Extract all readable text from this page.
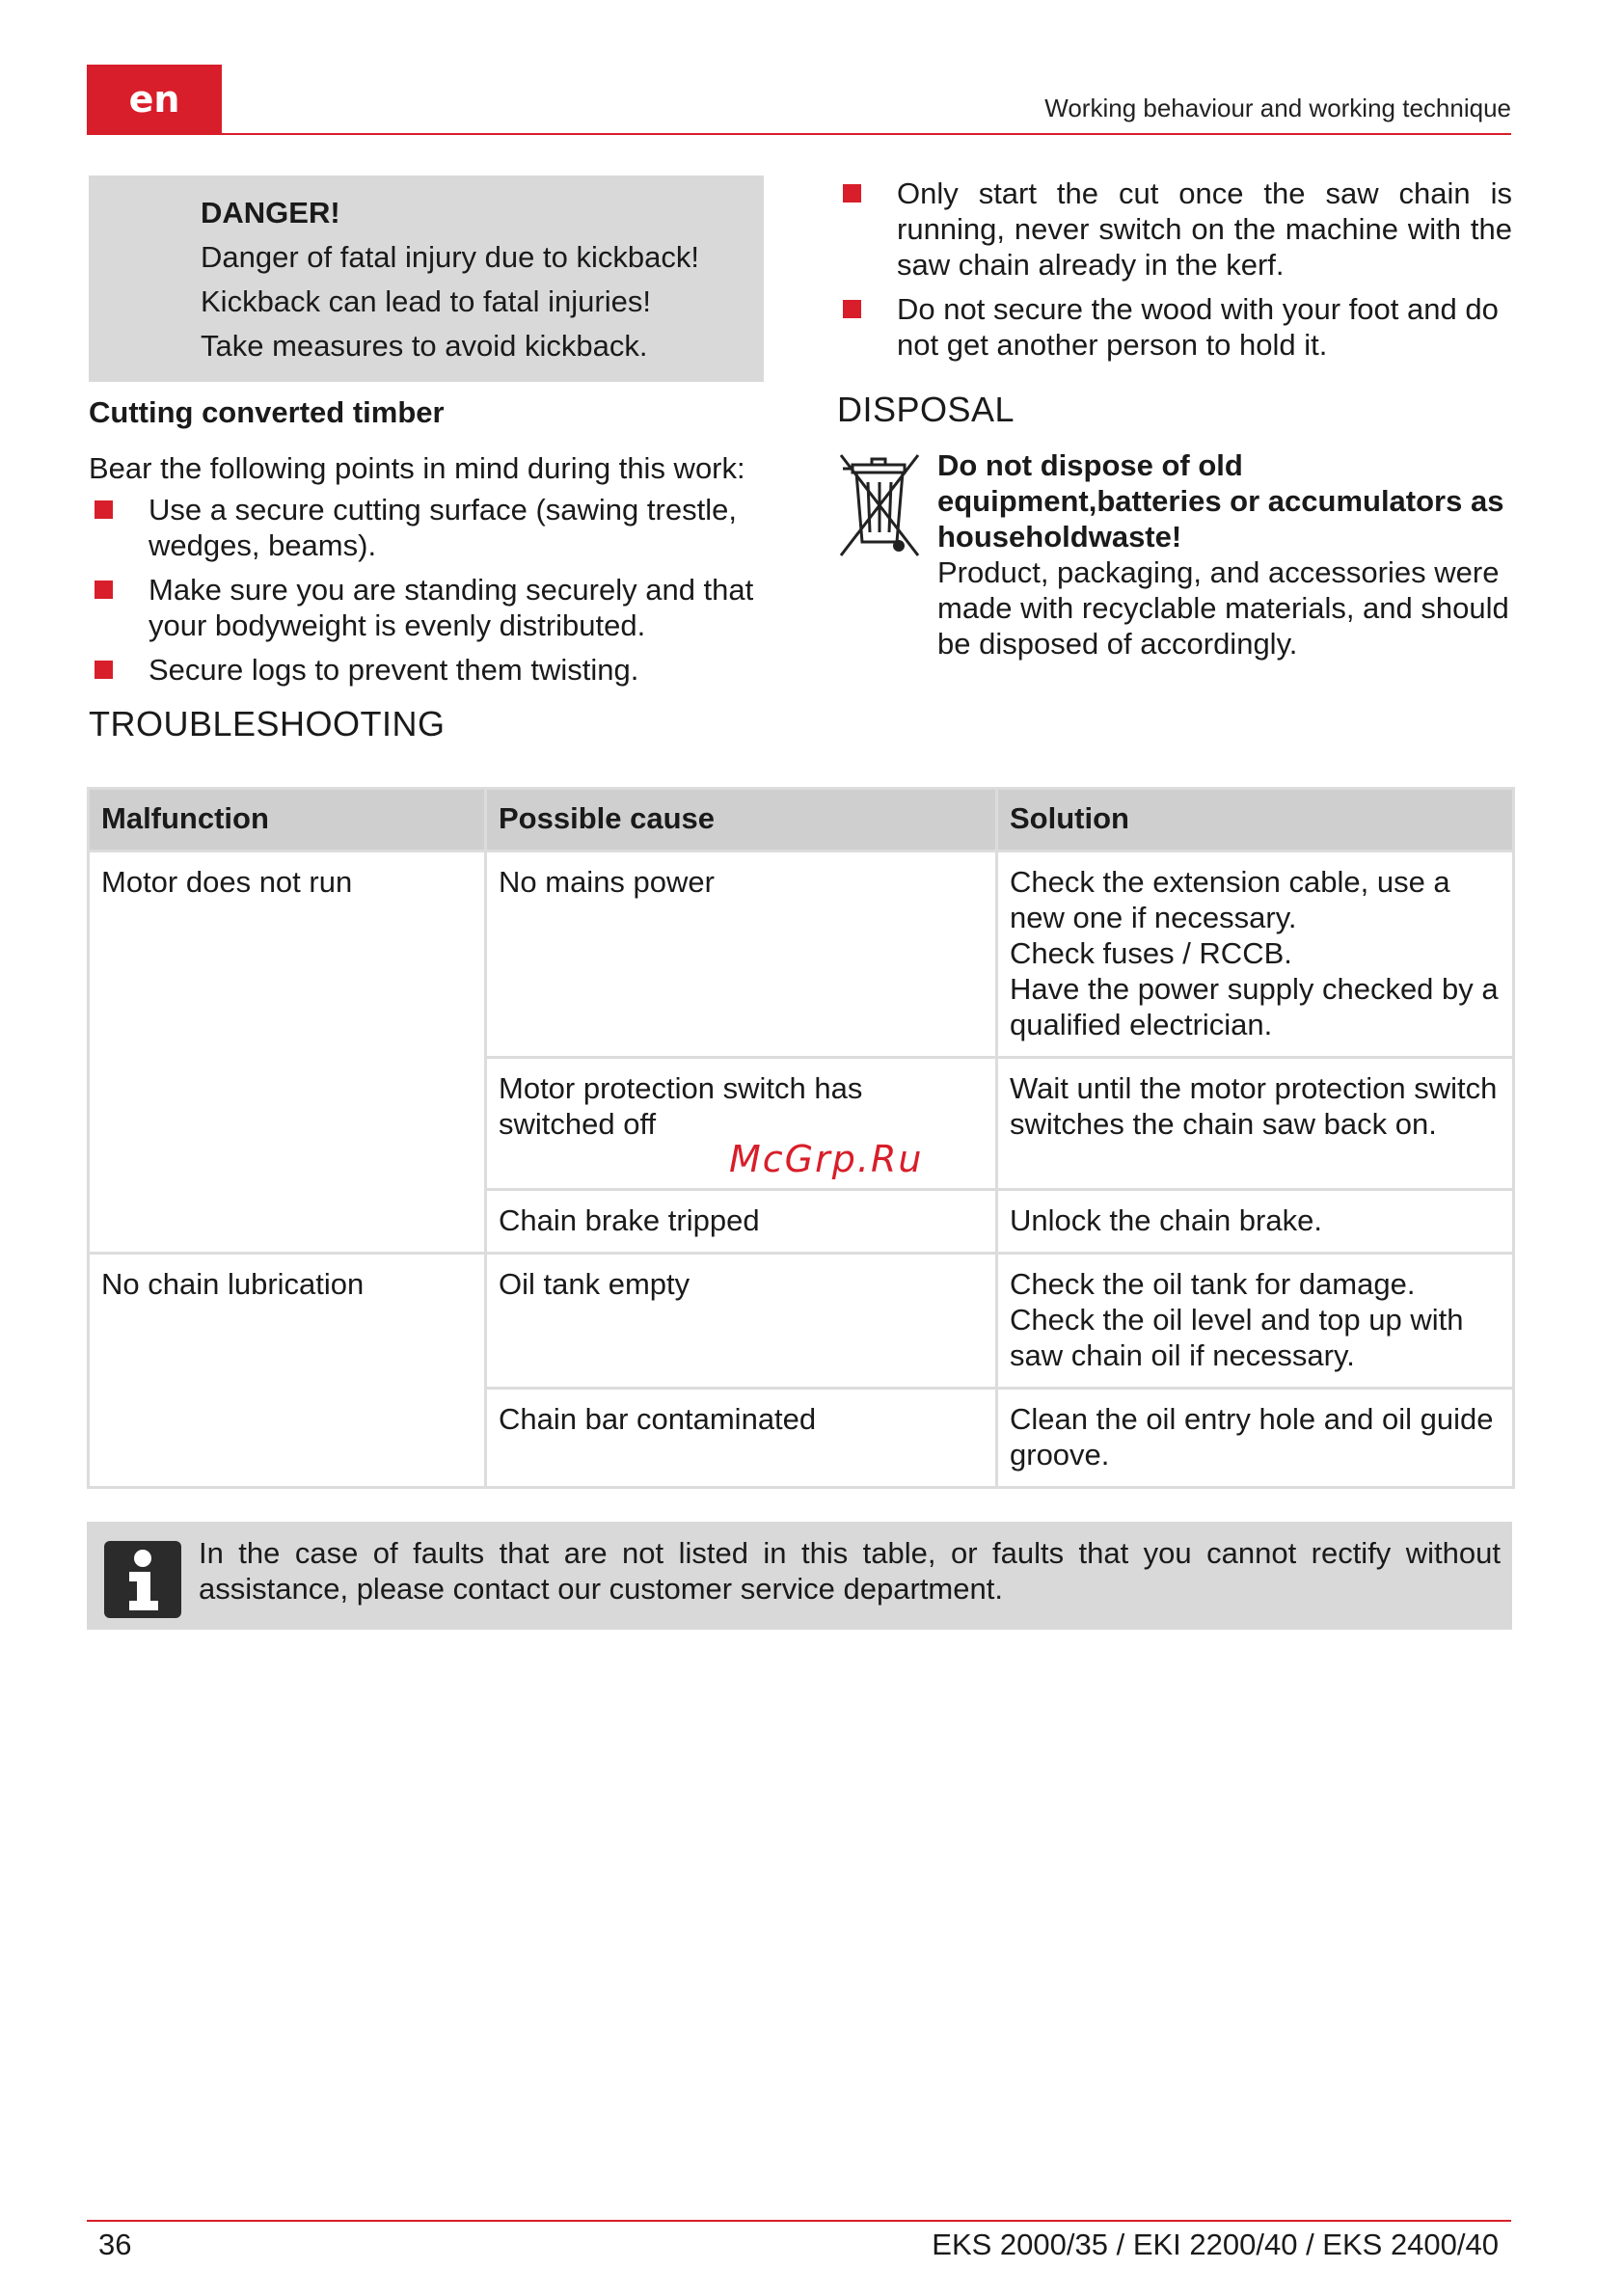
en	Working behaviour and working technique
DANGER!
Danger of fatal injury due to kickback!
Kickback can lead to fatal injuries!
Take measures to avoid kickback.
Cutting converted timber
Bear the following points in mind during this work:
Use a secure cutting surface (sawing trestle, wedges, beams).
Make sure you are standing securely and that your bodyweight is evenly distributed.
Secure logs to prevent them twisting.
Only start the cut once the saw chain is running, never switch on the machine with the saw chain already in the kerf.
Do not secure the wood with your foot and do not get another person to hold it.
DISPOSAL
Do not dispose of old equipment,batteries or accumulators as householdwaste!
Product, packaging, and accessories were made with recyclable materials, and should be disposed of accordingly.
TROUBLESHOOTING
Malfunction	Possible cause	Solution
Motor does not run	No mains power	Check the extension cable, use a new one if necessary.
Check fuses / RCCB.
Have the power supply checked by a qualified electrician.

	Motor protection switch has switched off	Wait until the motor protection switch switches the chain saw back on.

	Chain brake tripped	Unlock the chain brake.

No chain lubrication	Oil tank empty	Check the oil tank for damage.
Check the oil level and top up with saw chain oil if necessary.

	Chain bar contaminated	Clean the oil entry hole and oil guide groove.
McGrp.Ru
In the case of faults that are not listed in this table, or faults that you cannot rectify without assistance, please contact our customer service department.
36	EKS 2000/35 / EKI 2200/40 / EKS 2400/40
